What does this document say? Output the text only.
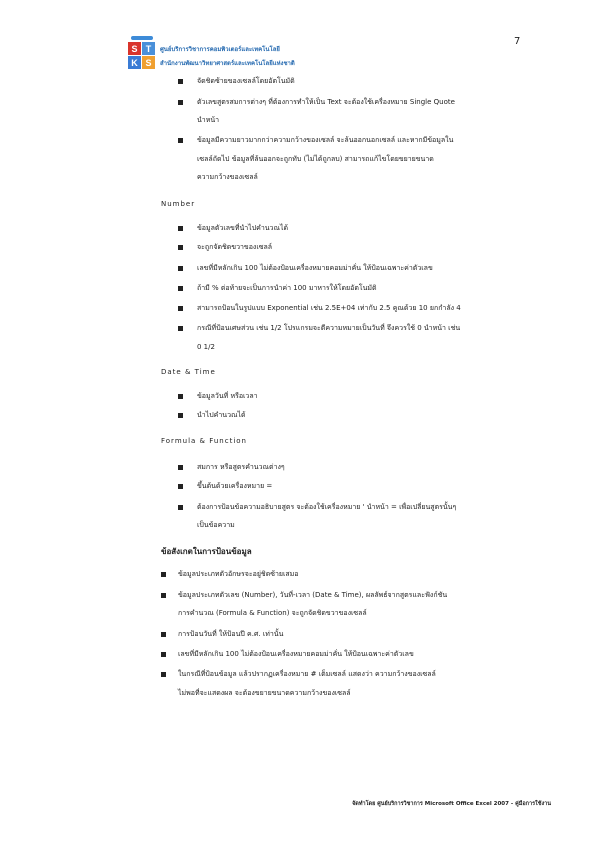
7
S T
K S
ศูนย์บริการวิชาการคอมพิวเตอร์และเทคโนโลยี
สำนักงานพัฒนาวิทยาศาสตร์และเทคโนโลยีแห่งชาติ
จัดชิดซ้ายของเซลล์โดยอัตโนมัติ
ตัวเลขสูตรสมการต่างๆ ที่ต้องการทำให้เป็น Text จะต้องใช้เครื่องหมาย Single Quote
นำหน้า
ข้อมูลมีความยาวมากกว่าความกว้างของเซลล์ จะล้นออกนอกเซลล์ และหากมีข้อมูลใน
เซลล์ถัดไป ข้อมูลที่ล้นออกจะถูกทับ (ไม่ได้ถูกลบ) สามารถแก้ไขโดยขยายขนาด
ความกว้างของเซลล์
Number
ข้อมูลตัวเลขที่นำไปคำนวณได้
จะถูกจัดชิดขวาของเซลล์
เลขที่มีหลักเกิน 100 ไม่ต้องป้อนเครื่องหมายคอมม่าคั่น ให้ป้อนเฉพาะค่าตัวเลข
ถ้ามี % ต่อท้ายจะเป็นการนำค่า 100 มาหารให้โดยอัตโนมัติ
สามารถป้อนในรูปแบบ Exponential เช่น 2.5E+04 เท่ากับ 2.5 คูณด้วย 10 ยกกำลัง 4
กรณีที่ป้อนเศษส่วน เช่น 1/2 โปรแกรมจะตีความหมายเป็นวันที่ จึงควรใช้ 0 นำหน้า เช่น
0 1/2
Date & Time
ข้อมูลวันที่ หรือเวลา
นำไปคำนวณได้
Formula & Function
สมการ หรือสูตรคำนวณต่างๆ
ขึ้นต้นด้วยเครื่องหมาย =
ต้องการป้อนข้อความอธิบายสูตร จะต้องใช้เครื่องหมาย ' นำหน้า = เพื่อเปลี่ยนสูตรนั้นๆ
เป็นข้อความ
ข้อสังเกตในการป้อนข้อมูล
ข้อมูลประเภทตัวอักษรจะอยู่ชิดซ้ายเสมอ
ข้อมูลประเภทตัวเลข (Number), วันที่-เวลา (Date & Time), ผลลัพธ์จากสูตรและฟังก์ชัน
การคำนวณ (Formula & Function) จะถูกจัดชิดขวาของเซลล์
การป้อนวันที่ ให้ป้อนปี ค.ศ. เท่านั้น
เลขที่มีหลักเกิน 100 ไม่ต้องป้อนเครื่องหมายคอมม่าคั่น ให้ป้อนเฉพาะค่าตัวเลข
ในกรณีที่ป้อนข้อมูล แล้วปรากฏเครื่องหมาย # เต็มเซลล์ แสดงว่า ความกว้างของเซลล์
ไม่พอที่จะแสดงผล จะต้องขยายขนาดความกว้างของเซลล์
จัดทำโดย ศูนย์บริการวิชาการ Microsoft Office Excel 2007 - คู่มือการใช้งาน
